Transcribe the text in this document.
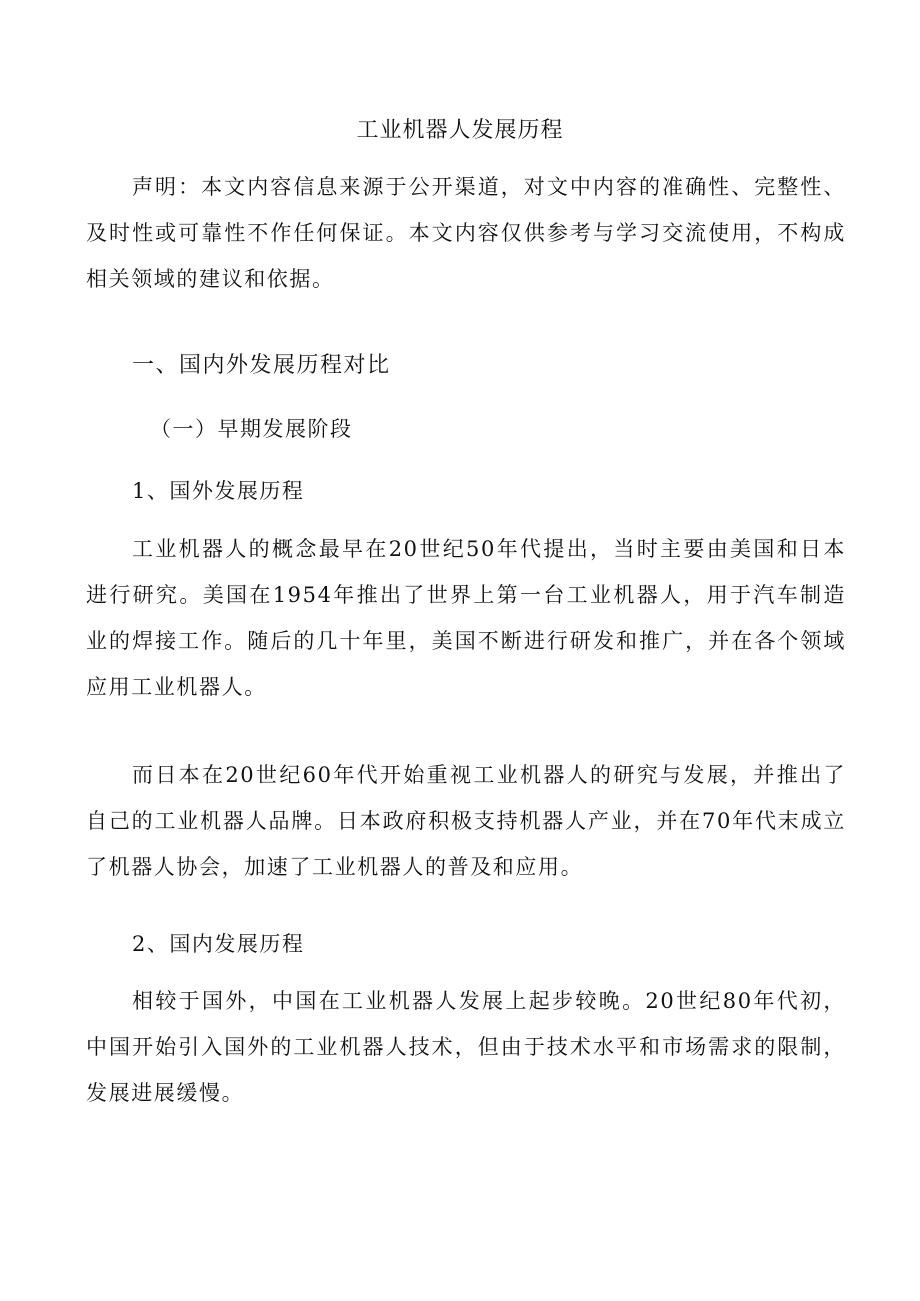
工业机器人发展历程

声明：本文内容信息来源于公开渠道，对文中内容的准确性、完整性、及时性或可靠性不作任何保证。本文内容仅供参考与学习交流使用，不构成相关领域的建议和依据。

一、国内外发展历程对比
（一）早期发展阶段
1、国外发展历程

工业机器人的概念最早在20世纪50年代提出，当时主要由美国和日本进行研究。美国在1954年推出了世界上第一台工业机器人，用于汽车制造业的焊接工作。随后的几十年里，美国不断进行研发和推广，并在各个领域应用工业机器人。

而日本在20世纪60年代开始重视工业机器人的研究与发展，并推出了自己的工业机器人品牌。日本政府积极支持机器人产业，并在70年代末成立了机器人协会，加速了工业机器人的普及和应用。

2、国内发展历程

相较于国外，中国在工业机器人发展上起步较晚。20世纪80年代初，中国开始引入国外的工业机器人技术，但由于技术水平和市场需求的限制，发展进展缓慢。
